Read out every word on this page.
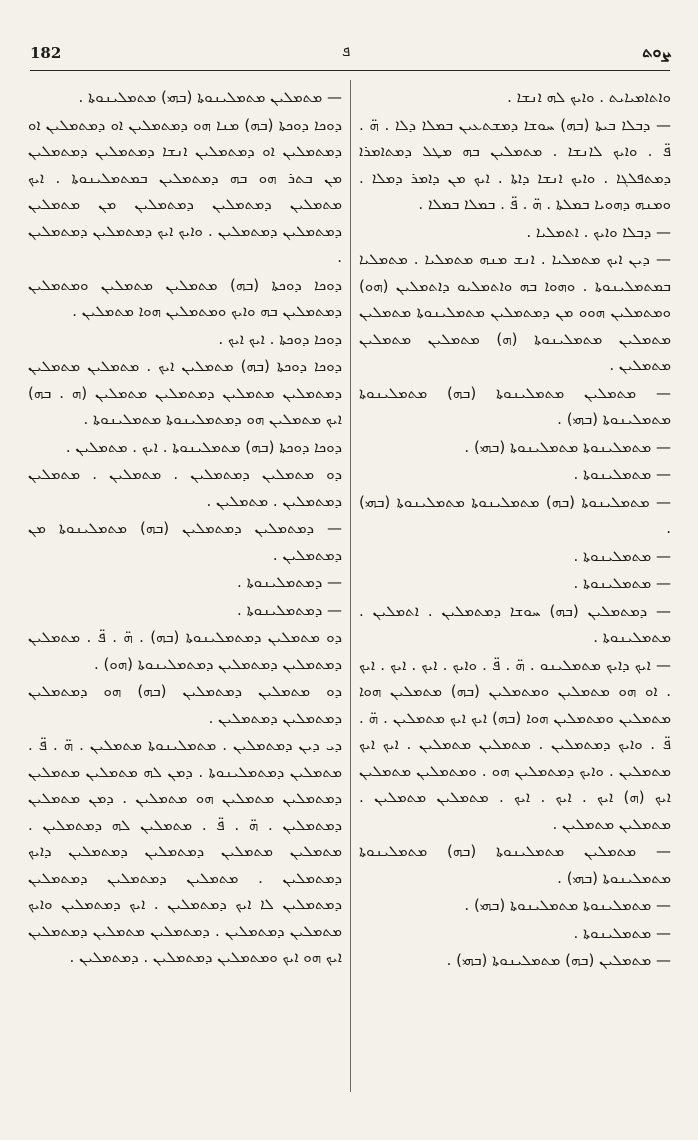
182	ܦ	ܨܘܬ

ܘܐܬܐܡܝܐܝܬ . ܘܐܝܟ ܠܗ ܐܢܫܐ .

— ܕܒܠܐ ܒܝܬܐ (ܒܗ) ܚܘܫܐ ܕܡܫܬܥܝܢ ܒܡܠܐ ܕܠܐ . ܗ̈ . ܦ̈ . ܘܐܝܟ ܠܐܢܫܐ . ܡܬܡܠܝܢ ܒܗ ܡܛܠ ܕܡܬܐܡܪܐ ܕܡܬܦܠܓܐ . ܘܐܝܟ ܐܢܫܐ ܕܐܬܐ . ܐܝܟ ܡܢ ܕܐܡܪ ܕܡܠܐ . ܘܡܢܗ ܕܗܘܝܐ ܒܡܠܬܐ . ܗ̈ . ܦ̈ . ܒܡܠܐ ܒܡܠܐ .

— ܕܒܠܐ ܘܐܝܟ . ܐܬܡܠܝܐ .

— ܕܝܢ ܐܝܟ ܡܬܡܠܝܐ . ܐܢܫ ܡܢܗ ܡܬܡܠܝܐ . ܡܬܡܠܝܐ ܒܡܬܡܠܝܢܘܬܐ . ܘܗܘܐ ܒܗ ܘܐܬܡܠܝܘ ܕܐܬܡܠܝܢ (ܗܘ) ܘܡܬܡܠܝܢ ܗܘܘ ܡܢ ܕܡܬܡܠܝܢ ܡܬܡܠܝܢܘܬܐ ܡܬܡܠܝܢ ܡܬܡܠܝܢ ܡܬܡܠܝܢܘܬܐ (ܗ) ܡܬܡܠܝܢ ܡܬܡܠܝܢ ܡܬܡܠܝܢ .

— ܡܬܡܠܝܢ ܡܬܡܠܝܢܘܬܐ (ܒܗ) ܡܬܡܠܝܢܘܬܐ ܡܬܡܠܝܢܘܬܐ (ܒܗܝ) .

— ܡܬܡܠܝܢܘܬܐ ܡܬܡܠܝܢܘܬܐ (ܒܗܝ) .

— ܡܬܡܠܝܢܘܬܐ .

— ܡܬܡܠܝܢܘܬܐ (ܒܗ) ܡܬܡܠܝܢܘܬܐ ܡܬܡܠܝܢܘܬܐ (ܒܗܝ) .

— ܡܬܡܠܝܢܘܬܐ .

— ܡܬܡܠܝܢܘܬܐ .

— ܕܡܬܡܠܝܢ (ܒܗ) ܚܘܫܐ ܕܡܬܡܠܝܢ . ܐܬܡܠܝܢ . ܡܬܡܠܝܢܘܬܐ .

— ܐܝܟ ܕܐܝܟ ܡܬܡܠܝܢܘ . ܗ̈ . ܦ̈ . ܘܐܝܟ . ܐܝܟ . ܐܝܟ . ܐܝܟ . ܐܘ ܗܘ ܡܬܡܠܝܢ ܘܡܬܡܠܝܢ (ܒܗ) ܡܬܡܠܝܢ ܗܘܐ ܡܬܡܠܝܢ ܘܡܬܡܠܝܢ ܗܘܐ (ܒܗ) ܐܝܟ ܐܝܟ ܡܬܡܠܝܢ . ܗ̈ . ܦ̈ . ܘܐܝܟ ܕܡܬܡܠܝܢ . ܡܬܡܠܝܢ ܡܬܡܠܝܢ . ܐܝܟ ܐܝܟ ܡܬܡܠܝܢ . ܘܐܝܟ ܕܡܬܡܠܝܢ ܗܘ . ܘܡܬܡܠܝܢ ܡܬܡܠܝܢ ܐܝܟ (ܗ) ܐܝܟ . ܐܝܟ . ܐܝܟ . ܡܬܡܠܝܢ ܡܬܡܠܝܢ . ܡܬܡܠܝܢ ܡܬܡܠܝܢ .

— ܡܬܡܠܝܢ ܡܬܡܠܝܢܘܬܐ (ܒܗ) ܡܬܡܠܝܢܘܬܐ ܡܬܡܠܝܢܘܬܐ (ܒܗܝ) .

— ܡܬܡܠܝܢܘܬܐ ܡܬܡܠܝܢܘܬܐ (ܒܗܝ) .

— ܡܬܡܠܝܢܘܬܐ .

— ܡܬܡܠܝܢ (ܒܗ) ܡܬܡܠܝܢܘܬܐ (ܒܗܝ) .

— ܡܬܡܠܝܢ ܡܬܡܠܝܢܘܬܐ (ܒܗܝ) ܡܬܡܠܝܢܘܬܐ .

ܕܘܟܐ ܕܘܟܬܐ (ܒܗ) ܡܢܐ ܗܘ ܕܡܬܡܠܝܢ ܐܘ ܕܡܬܡܠܝܢ ܐܘ ܕܡܬܡܠܝܢ ܐܘ ܕܡܬܡܠܝܢ ܐܢܫܐ ܕܡܬܡܠܝܢ ܕܡܬܡܠܝܢ ܡܢ ܒܬܪ ܗܘ ܒܗ ܕܡܬܡܠܝܢ ܒܡܬܡܠܝܢܘܬܐ . ܐܝܟ ܡܬܡܠܝܢ ܕܡܬܡܠܝܢ ܕܡܬܡܠܝܢ ܡܢ ܡܬܡܠܝܢ ܕܡܬܡܠܝܢ ܕܡܬܡܠܝܢ . ܘܐܝܟ ܐܝܟ ܕܡܬܡܠܝܢ ܕܡܬܡܠܝܢ .

ܕܘܟܐ ܕܘܟܬܐ (ܒܗ) ܡܬܡܠܝܢ ܡܬܡܠܝܢ ܘܡܬܡܠܝܢ ܕܡܬܡܠܝܢ ܒܗ ܘܐܝܟ ܘܡܬܡܠܝܢ ܗܘܐ ܡܬܡܠܝܢ .

ܕܘܟܐ ܕܘܟܬܐ . ܐܝܟ ܐܝܟ .

ܕܘܟܐ ܕܘܟܬܐ (ܒܗ) ܡܬܡܠܝܢ ܐܝܟ . ܡܬܡܠܝܢ ܡܬܡܠܝܢ ܕܡܬܡܠܝܢ ܡܬܡܠܝܢ ܕܡܬܡܠܝܢ ܡܬܡܠܝܢ (ܗ . ܒܗ) ܐܝܟ ܡܬܡܠܝܢ ܗܘ ܕܡܬܡܠܝܢܘܬܐ ܡܬܡܠܝܢܘܬܐ .

ܕܘܟܐ ܕܘܟܬܐ (ܒܗ) ܡܬܡܠܝܢܘܬܐ . ܐܝܟ . ܡܬܡܠܝܢ .

ܕܘ ܡܬܡܠܝܢ ܕܡܬܡܠܝܢ . ܡܬܡܠܝܢ . ܡܬܡܠܝܢ ܕܡܬܡܠܝܢ . ܡܬܡܠܝܢ .

— ܕܡܬܡܠܝܢ ܕܡܬܡܠܝܢ (ܒܗ) ܡܬܡܠܝܢܘܬܐ ܡܢ ܕܡܬܡܠܝܢ .

— ܕܡܬܡܠܝܢܘܬܐ .

— ܕܡܬܡܠܝܢܘܬܐ .

ܕܘ ܡܬܡܠܝܢ ܕܡܬܡܠܝܢܘܬܐ (ܒܗ) . ܗ̈ . ܦ̈ . ܡܬܡܠܝܢ ܕܡܬܡܠܝܢ ܕܡܬܡܠܝܢ ܕܡܬܡܠܝܢܘܬܐ (ܗܘ) .

ܕܘ ܡܬܡܠܝܢ ܕܡܬܡܠܝܢ (ܒܗ) ܗܘ ܕܡܬܡܠܝܢ ܕܡܬܡܠܝܢ ܕܡܬܡܠܝܢ .

ܕܝ ܕܝܢ ܕܡܬܡܠܝܢ . ܡܬܡܠܝܢܘܬܐ ܡܬܡܠܝܢ . ܗ̈ . ܦ̈ . ܡܬܡܠܝܢ ܕܡܬܡܠܝܢܘܬܐ . ܕܡܢ ܠܗ ܡܬܡܠܝܢ ܡܬܡܠܝܢ ܕܡܬܡܠܝܢ ܡܬܡܠܝܢ ܗܘ ܡܬܡܠܝܢ . ܕܡܢ ܡܬܡܠܝܢ ܕܡܬܡܠܝܢ . ܗ̈ . ܦ̈ . ܡܬܡܠܝܢ ܠܗ ܕܡܬܡܠܝܢ . ܡܬܡܠܝܢ ܡܬܡܠܝܢ ܕܡܬܡܠܝܢ ܕܡܬܡܠܝܢ ܕܐܝܟ ܕܡܬܡܠܝܢ . ܡܬܡܠܝܢ ܕܡܬܡܠܝܢ ܕܡܬܡܠܝܢ ܕܡܬܡܠܝܢ ܠܐ ܐܝܟ ܕܡܬܡܠܝܢ . ܐܝܟ ܕܡܬܡܠܝܢ ܘܐܝܟ ܡܬܡܠܝܢ ܕܡܬܡܠܝܢ . ܕܡܬܡܠܝܢ ܡܬܡܠܝܢ ܕܡܬܡܠܝܢ ܐܝܟ ܗܘ ܐܝܟ ܘܡܬܡܠܝܢ ܕܡܬܡܠܝܢ . ܕܡܬܡܠܝܢ .
